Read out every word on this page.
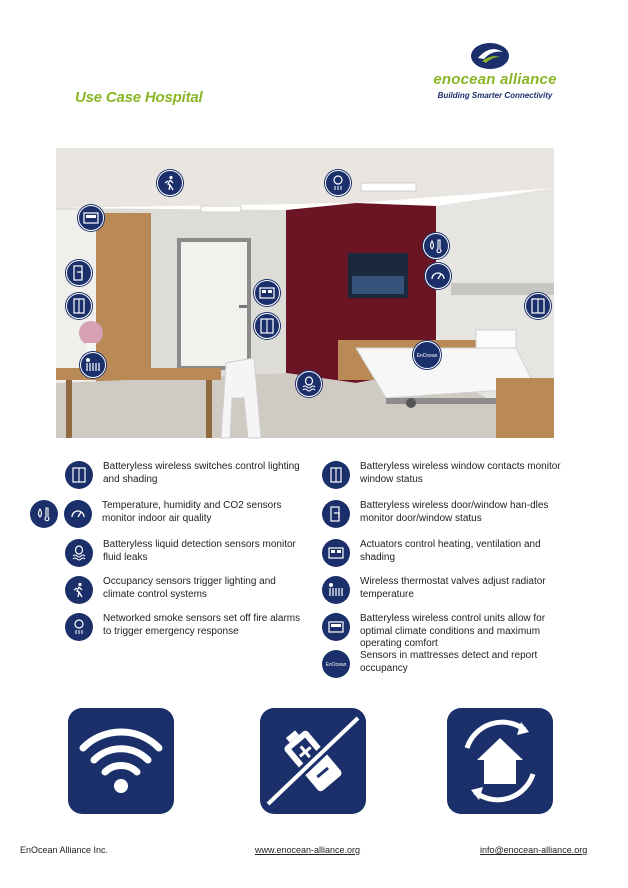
Use Case Hospital
enocean alliance
Building Smarter Connectivity
EnOcean
Batteryless wireless switches control lighting and shading
Temperature, humidity and CO2 sensors monitor indoor air quality
Batteryless liquid detection sensors monitor fluid leaks
Occupancy sensors trigger lighting and climate control systems
Networked smoke sensors set off fire alarms to trigger emergency response
Batteryless wireless window contacts monitor window status
Batteryless wireless door/window han-dles monitor door/window status
Actuators control heating, ventilation and shading
Wireless thermostat valves adjust radiator temperature
Batteryless wireless control units allow for optimal climate conditions and maximum operating comfort
EnOcean
Sensors in mattresses detect and report occupancy
EnOcean Alliance Inc.	www.enocean-alliance.org	info@enocean-alliance.org
